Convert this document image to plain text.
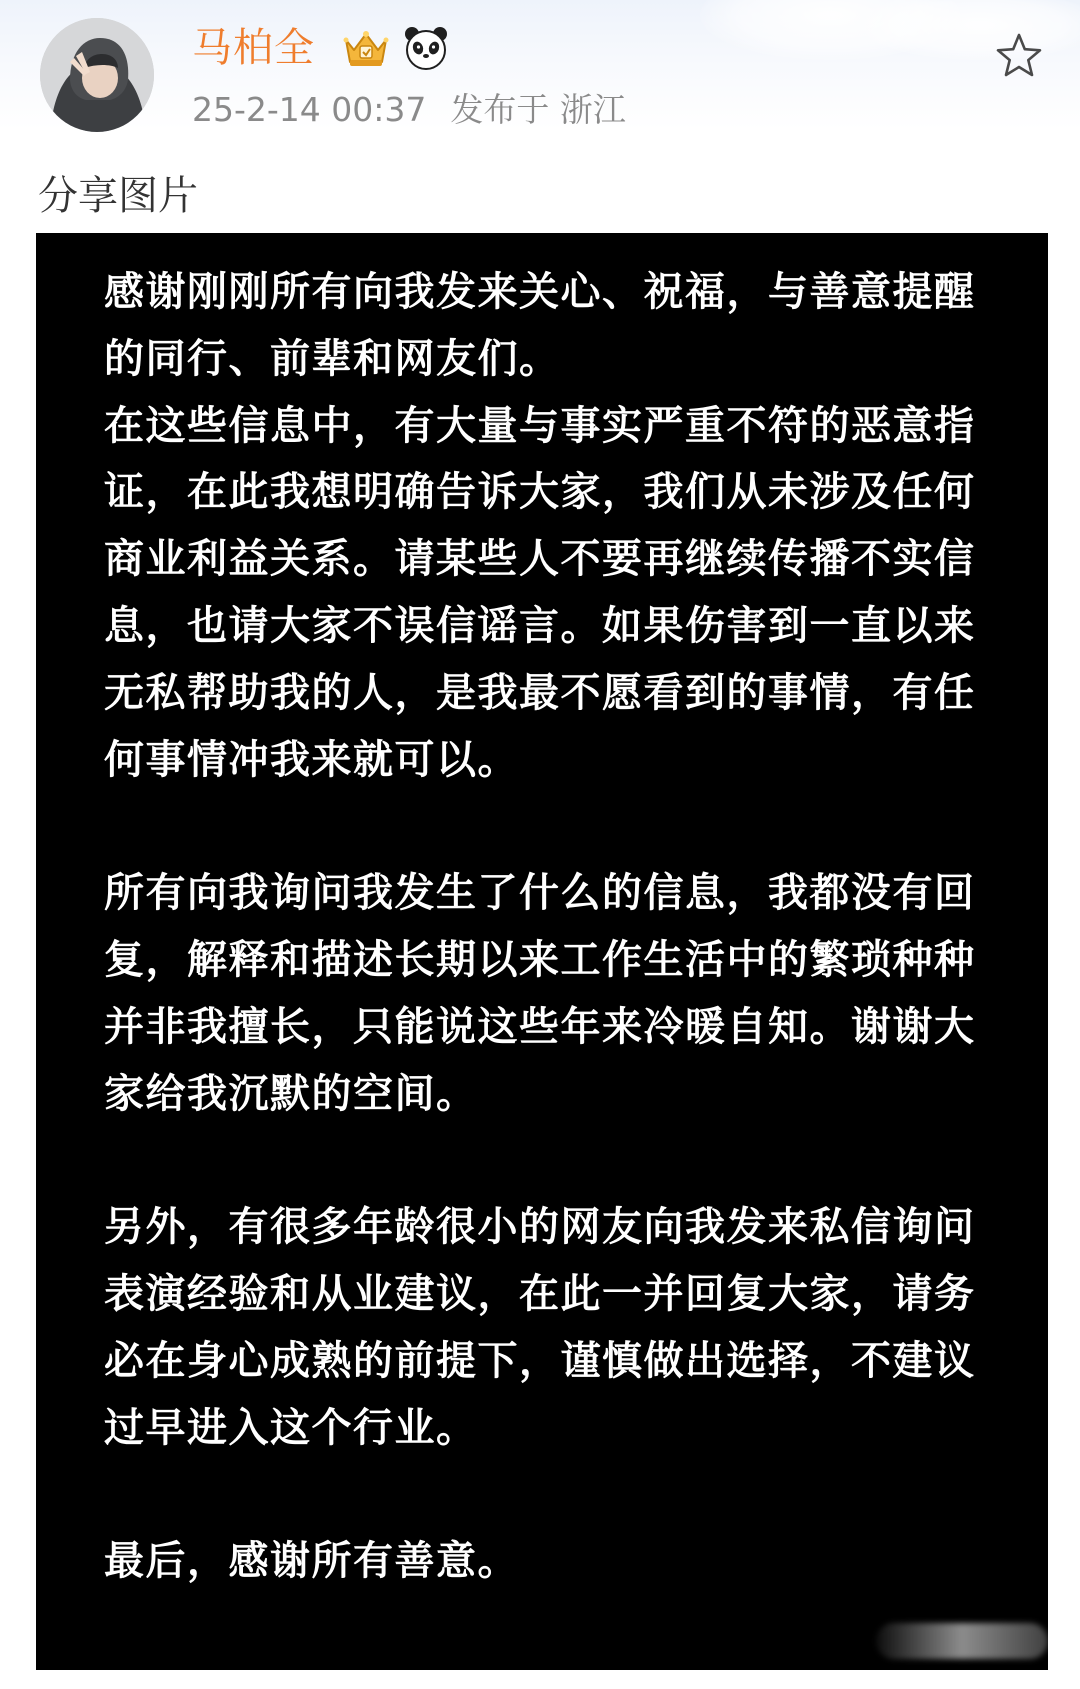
马柏全
25-2-14 00:37 发布于 浙江
分享图片

感谢刚刚所有向我发来关心、祝福，与善意提醒的同行、前辈和网友们。
在这些信息中，有大量与事实严重不符的恶意指证，在此我想明确告诉大家，我们从未涉及任何商业利益关系。请某些人不要再继续传播不实信息，也请大家不误信谣言。如果伤害到一直以来无私帮助我的人，是我最不愿看到的事情，有任何事情冲我来就可以。

所有向我询问我发生了什么的信息，我都没有回复，解释和描述长期以来工作生活中的繁琐种种并非我擅长，只能说这些年来冷暖自知。谢谢大家给我沉默的空间。

另外，有很多年龄很小的网友向我发来私信询问表演经验和从业建议，在此一并回复大家，请务必在身心成熟的前提下，谨慎做出选择，不建议过早进入这个行业。

最后，感谢所有善意。
